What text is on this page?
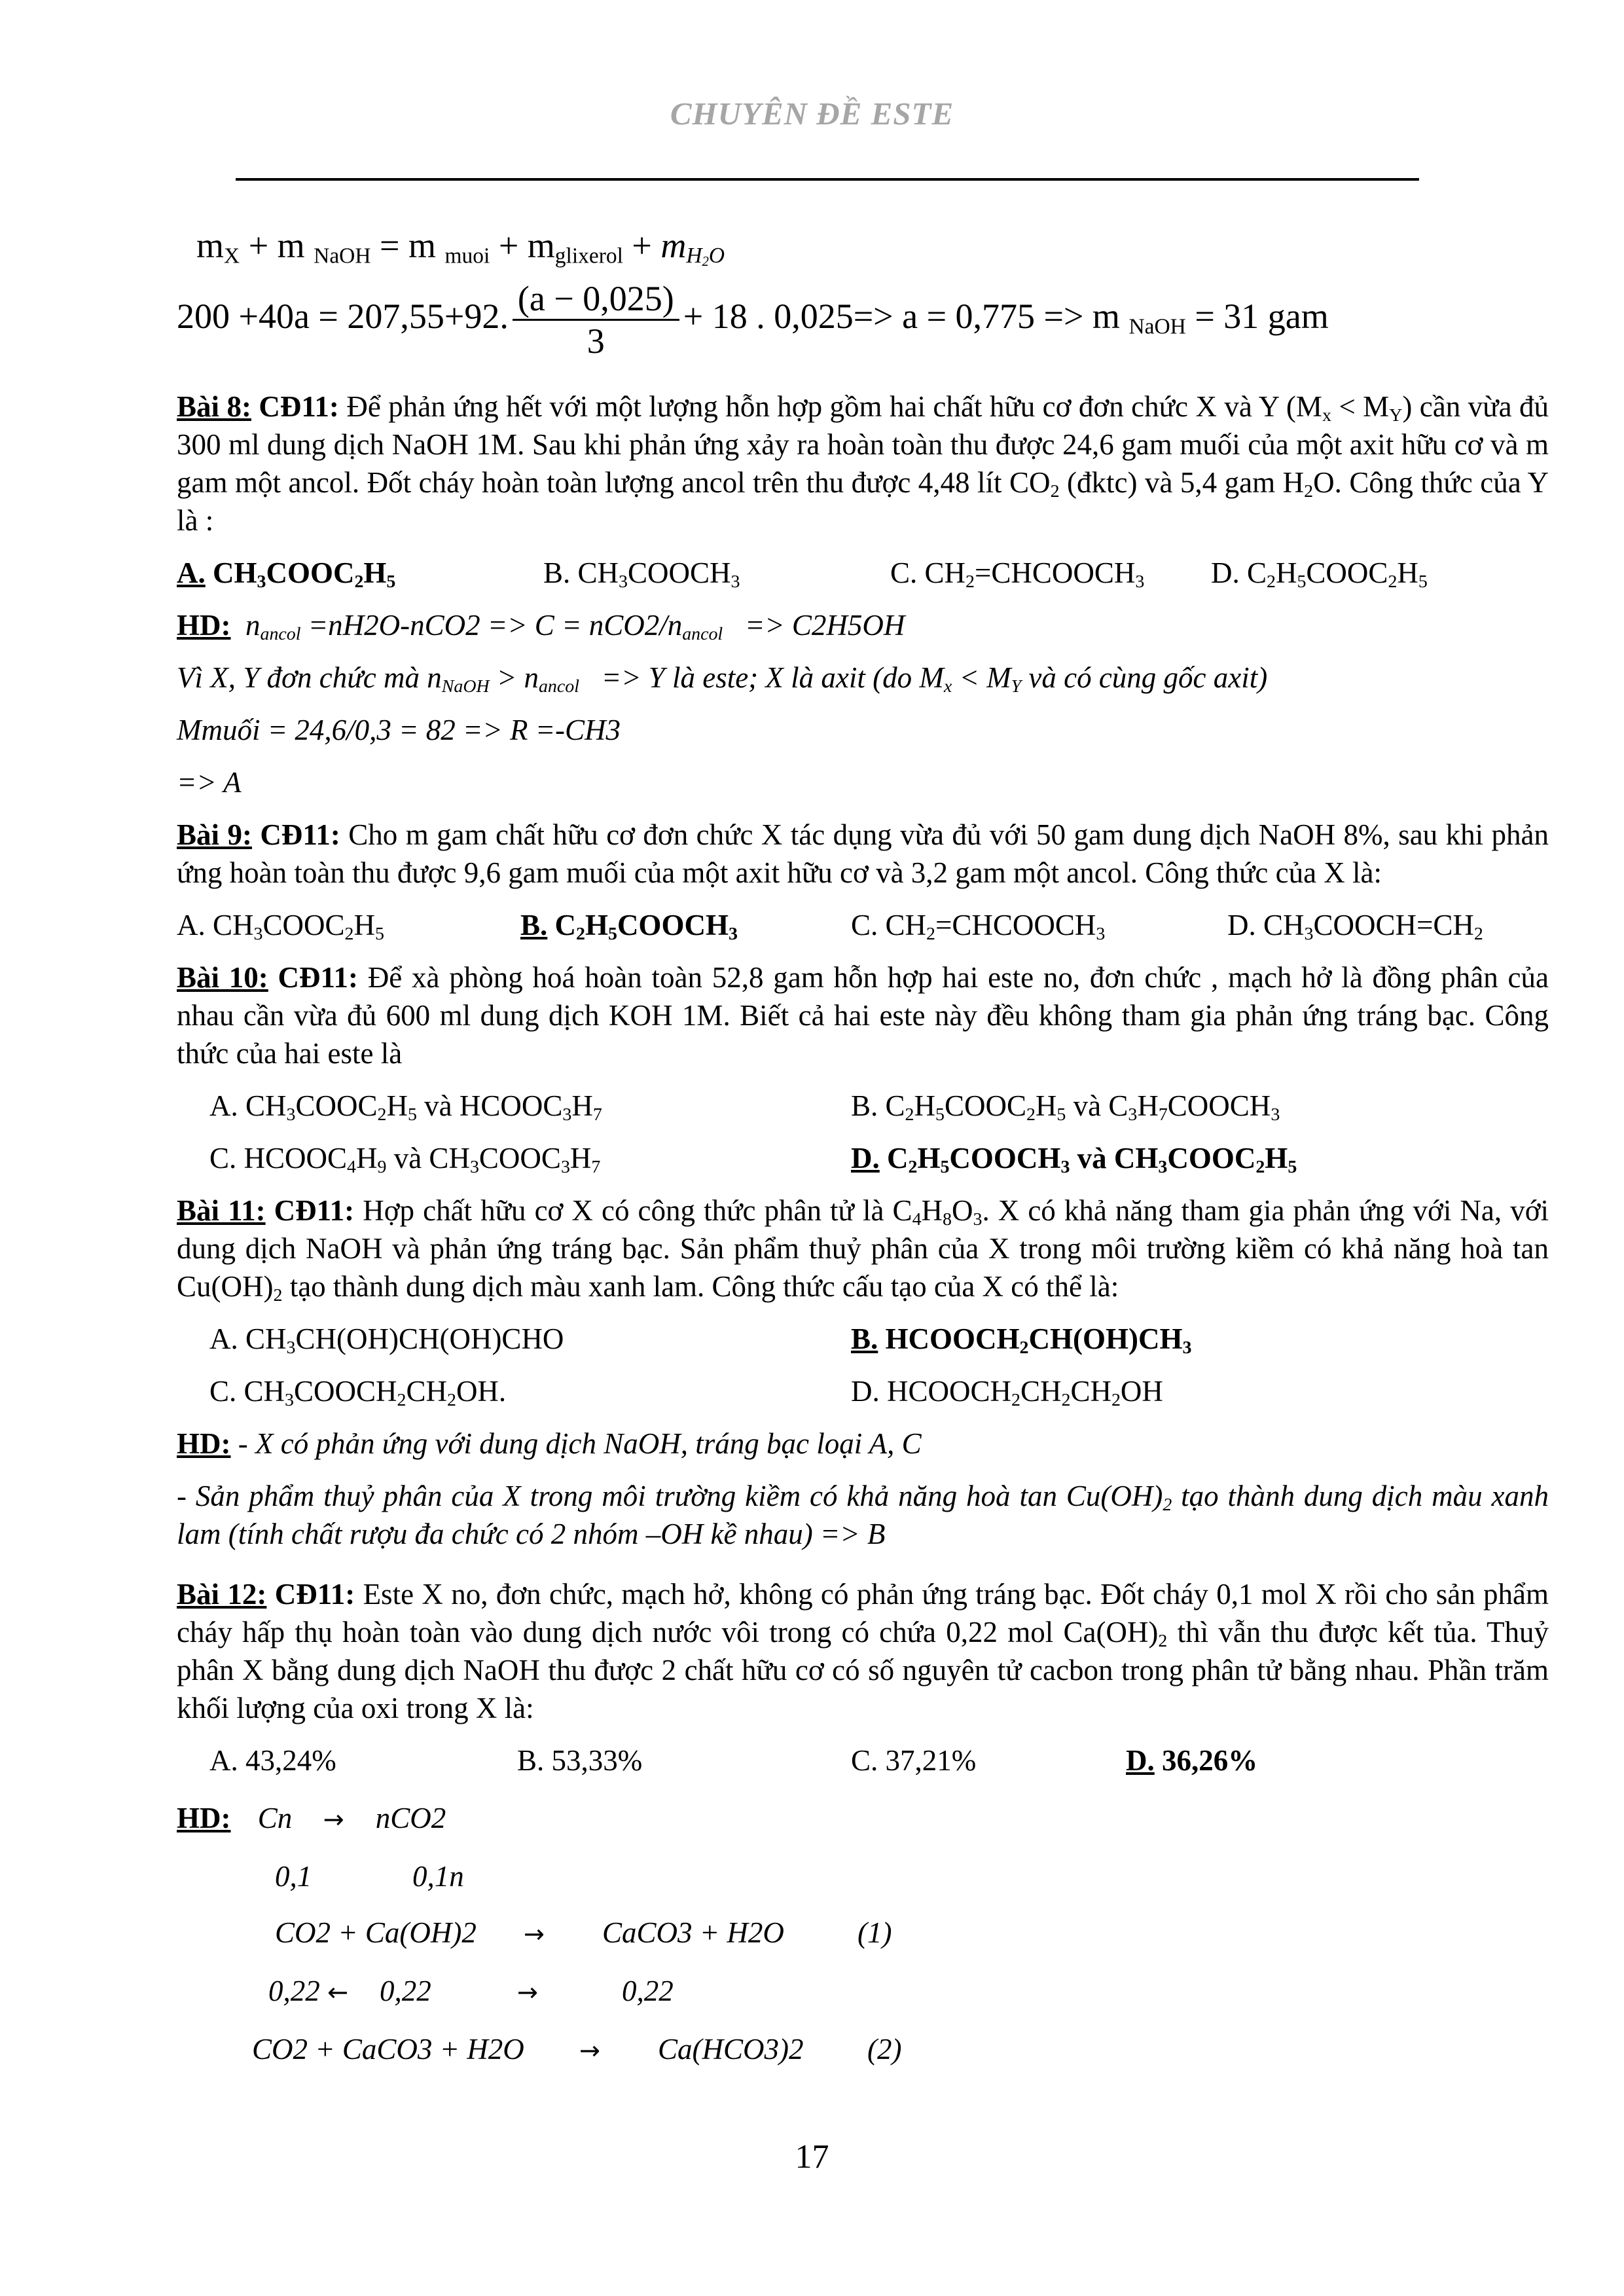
CHUYÊN ĐỀ ESTE
$m_X + m$ $_{NaOH}$ = m $_{muoi} + m_{glixerol} + m_{H_2O}$
200 +40a = 207,55+92. $\frac{(a - 0,025)}{3} + 18$ . 0,025=> a = 0,775 => m $_{NaOH}$ = 31 gam
Bài 8: CĐ11: Để phản ứng hết với một lượng hỗn hợp gồm hai chất hữu cơ đơn chức X và Y $(M_x < M_Y)$ cần vừa đủ 300 ml dung dịch NaOH 1M. Sau khi phản ứng xảy ra hoàn toàn thu được 24,6 gam muối của một axit hữu cơ và m gam một ancol. Đốt cháy hoàn toàn lượng ancol trên thu được 4,48 lít $CO_2$ (đktc) và 5,4 gam $H_2O$. Công thức của Y là :
A. $CH_3COOC_2H_5$	B. $CH_3COOCH_3$	C. $CH_2=CHCOOCH_3$	D. $C_2H_5COOC_2H_5$
HD:  $n_{ancol} =nH2O-nCO2 => C = nCO2/n_{ancol} => C2H5OH$
Vì X, Y đơn chức mà $n_{NaOH} > n_{ancol} => Y$ là este; X là axit (do $M_x < M_Y$ và có cùng gốc axit)
Mmuối = 24,6/0,3 = 82 => R =-CH3
=> A
Bài 9: CĐ11: Cho m gam chất hữu cơ đơn chức X tác dụng vừa đủ với 50 gam dung dịch NaOH 8%, sau khi phản ứng hoàn toàn thu được 9,6 gam muối của một axit hữu cơ và 3,2 gam một ancol. Công thức của X là:
A. $CH_3COOC_2H_5$	B. $C_2H_5COOCH_3$	C. $CH_2=CHCOOCH_3$	D. $CH_3COOCH=CH_2$
Bài 10: CĐ11: Để xà phòng hoá hoàn toàn 52,8 gam hỗn hợp hai este no, đơn chức , mạch hở là đồng phân của nhau cần vừa đủ 600 ml dung dịch KOH 1M. Biết cả hai este này đều không tham gia phản ứng tráng bạc. Công thức của hai este là
A. $CH_3COOC_2H_5$ và $HCOOC_3H_7$	B. $C_2H_5COOC_2H_5$ và $C_3H_7COOCH_3$
C. $HCOOC_4H_9$ và $CH_3COOC_3H_7$	D. $C_2H_5COOCH_3$ và $CH_3COOC_2H_5$
Bài 11: CĐ11: Hợp chất hữu cơ X có công thức phân tử là $C_4H_8O_3$. X có khả năng tham gia phản ứng với Na, với dung dịch NaOH và phản ứng tráng bạc. Sản phẩm thuỷ phân của X trong môi trường kiềm có khả năng hoà $\tan Cu(OH)_2$ tạo thành dung dịch màu xanh lam. Công thức cấu tạo của X có thể là:
A. $CH_3CH(OH)CH(OH)CHO$	B. $HCOOCH_2CH(OH)CH_3$
C. $CH_3COOCH_2CH_2OH$.	D. $HCOOCH_2CH_2CH_2OH$
HD: - X có phản ứng với dung dịch NaOH, tráng bạc loại A, C
- Sản phẩm thuỷ phân của X trong môi trường kiềm có khả năng hoà $\tan Cu(OH)_2$ tạo thành dung dịch màu xanh lam (tính chất rượu đa chức có 2 nhóm –OH kề nhau) => B
Bài 12: CĐ11: Este X no, đơn chức, mạch hở, không có phản ứng tráng bạc. Đốt cháy 0,1 mol X rồi cho sản phẩm cháy hấp thụ hoàn toàn vào dung dịch nước vôi trong có chứa 0,22 mol $Ca(OH)_2$ thì vẫn thu được kết tủa. Thuỷ phân X bằng dung dịch NaOH thu được 2 chất hữu cơ có số nguyên tử cacbon trong phân tử bằng nhau. Phần trăm khối lượng của oxi trong X là:
A. 43,24%	B. 53,33%	C. 37,21%	D. 36,26%
HD: Cn → nCO2
0,1	0,1n
CO2 + Ca(OH)2 → CaCO3 + H2O (1)
0,22 ← 0,22	→	0,22
CO2 + CaCO3 + H2O → Ca(HCO3)2 (2)
17
